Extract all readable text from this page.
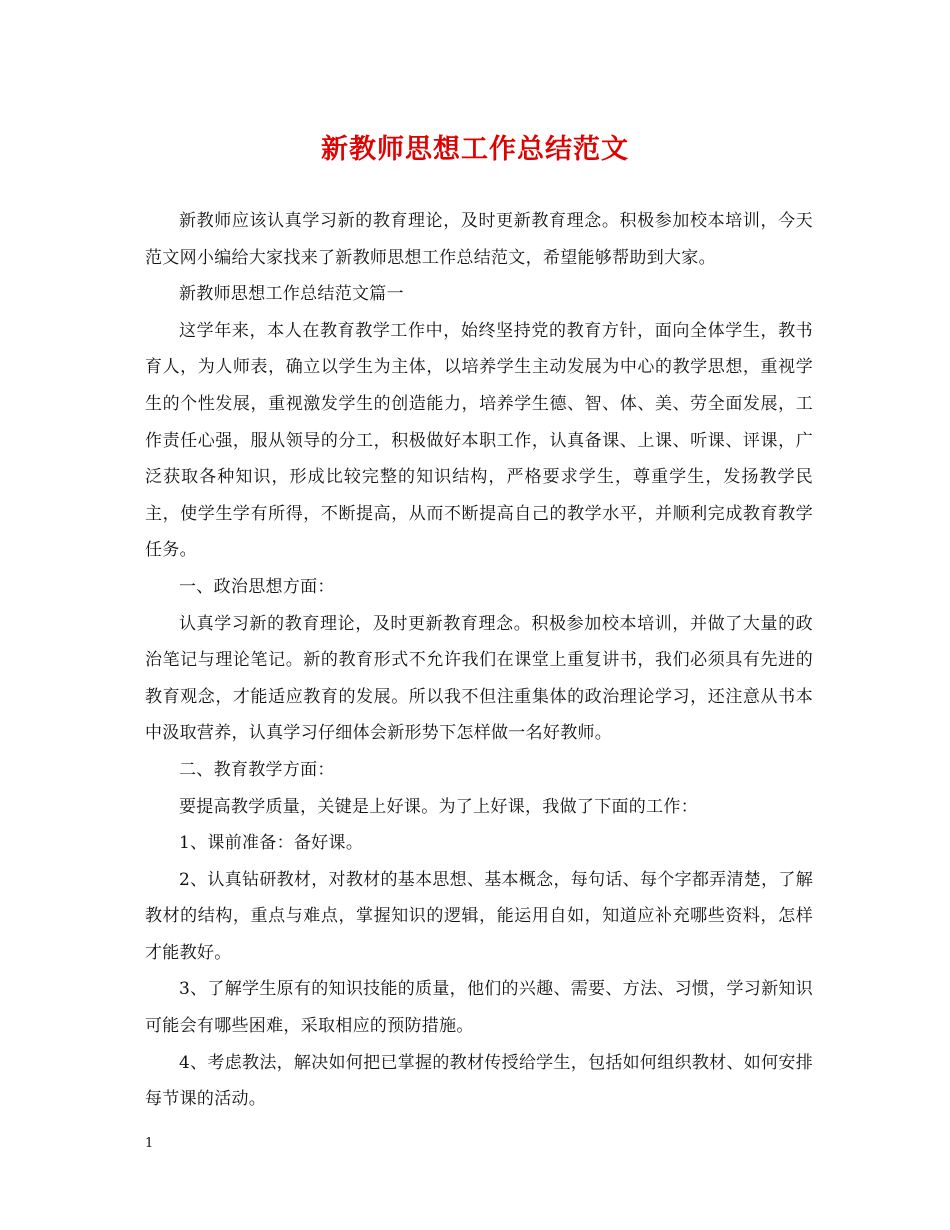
新教师思想工作总结范文

新教师应该认真学习新的教育理论，及时更新教育理念。积极参加校本培训，今天范文网小编给大家找来了新教师思想工作总结范文，希望能够帮助到大家。

新教师思想工作总结范文篇一

这学年来，本人在教育教学工作中，始终坚持党的教育方针，面向全体学生，教书育人，为人师表，确立以学生为主体，以培养学生主动发展为中心的教学思想，重视学生的个性发展，重视激发学生的创造能力，培养学生德、智、体、美、劳全面发展，工作责任心强，服从领导的分工，积极做好本职工作，认真备课、上课、听课、评课，广泛获取各种知识，形成比较完整的知识结构，严格要求学生，尊重学生，发扬教学民主，使学生学有所得，不断提高，从而不断提高自己的教学水平，并顺利完成教育教学任务。

一、政治思想方面：

认真学习新的教育理论，及时更新教育理念。积极参加校本培训，并做了大量的政治笔记与理论笔记。新的教育形式不允许我们在课堂上重复讲书，我们必须具有先进的教育观念，才能适应教育的发展。所以我不但注重集体的政治理论学习，还注意从书本中汲取营养，认真学习仔细体会新形势下怎样做一名好教师。

二、教育教学方面：

要提高教学质量，关键是上好课。为了上好课，我做了下面的工作：

1、课前准备：备好课。

2、认真钻研教材，对教材的基本思想、基本概念，每句话、每个字都弄清楚，了解教材的结构，重点与难点，掌握知识的逻辑，能运用自如，知道应补充哪些资料，怎样才能教好。

3、了解学生原有的知识技能的质量，他们的兴趣、需要、方法、习惯，学习新知识可能会有哪些困难，采取相应的预防措施。

4、考虑教法，解决如何把已掌握的教材传授给学生，包括如何组织教材、如何安排每节课的活动。

1
